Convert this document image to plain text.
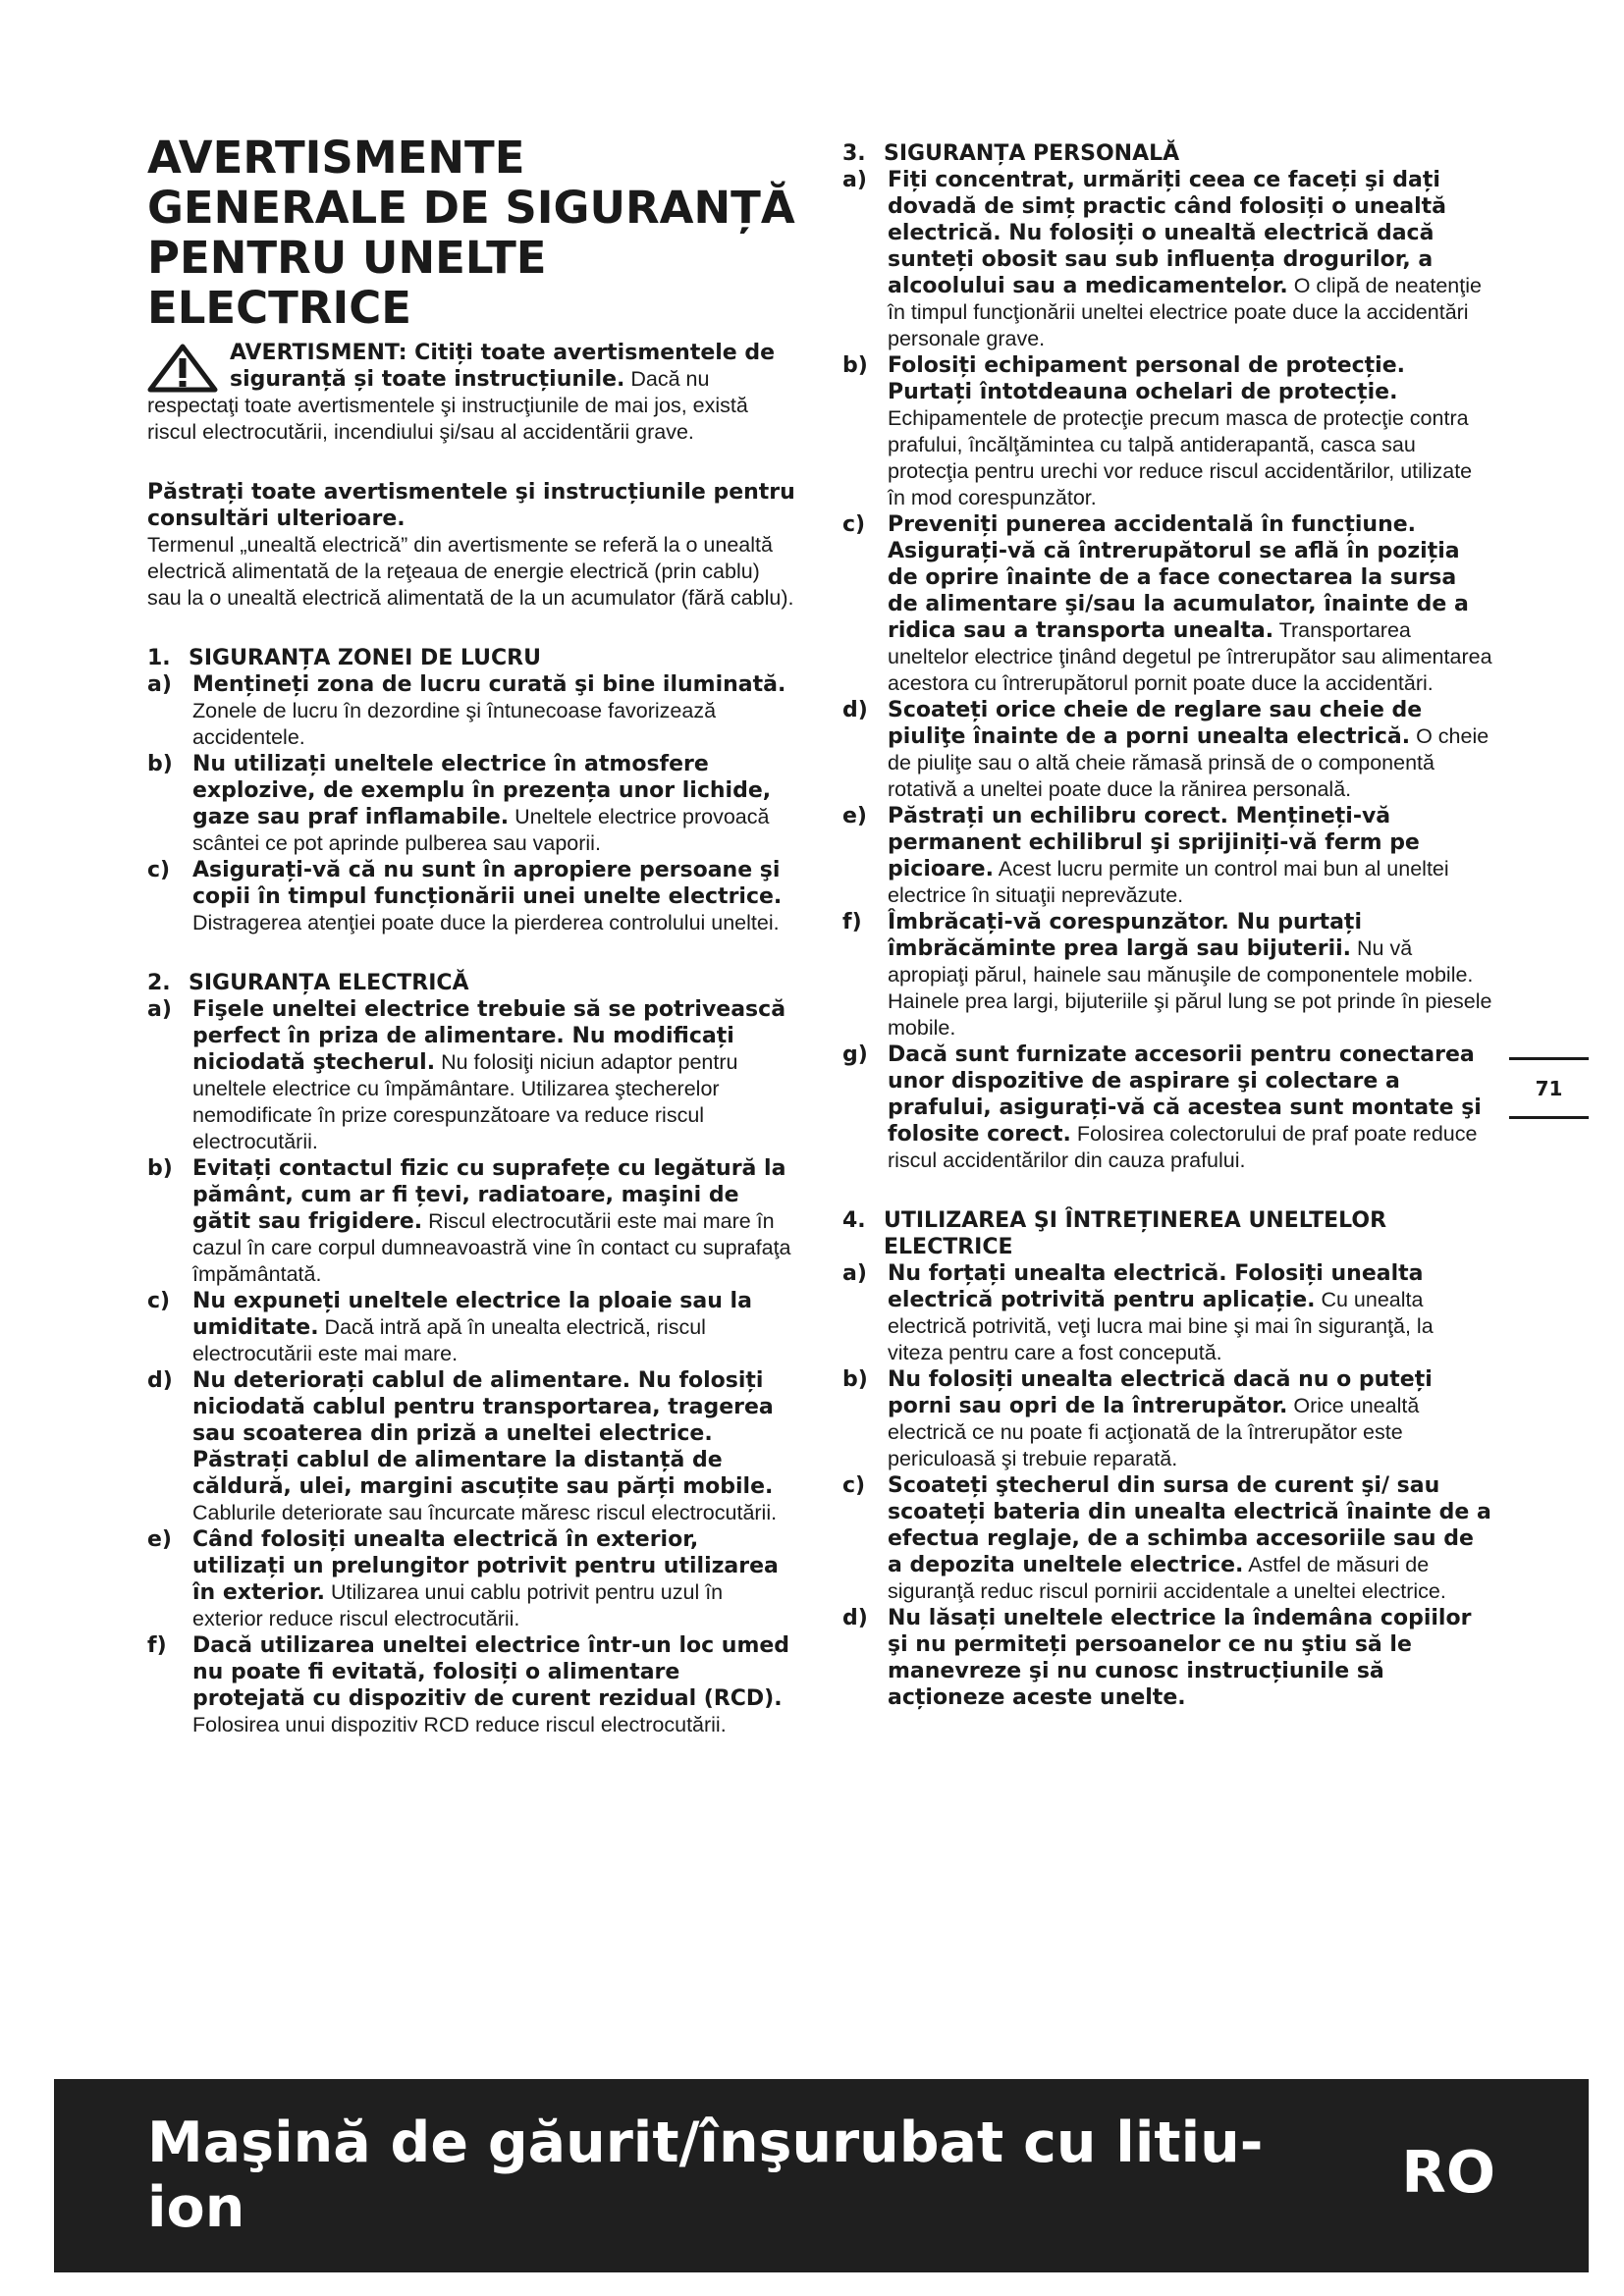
AVERTISMENTE GENERALE DE SIGURANȚĂ PENTRU UNELTE ELECTRICE

AVERTISMENT: Citiți toate avertismentele de siguranță și toate instrucțiunile. Dacă nu respectaţi toate avertismentele şi instrucţiunile de mai jos, există riscul electrocutării, incendiului şi/sau al accidentării grave.

Păstrați toate avertismentele şi instrucțiunile pentru consultări ulterioare.

Termenul „unealtă electrică” din avertismente se referă la o unealtă electrică alimentată de la reţeaua de energie electrică (prin cablu) sau la o unealtă electrică alimentată de la un acumulator (fără cablu).

1. SIGURANȚA ZONEI DE LUCRU
a) Mențineți zona de lucru curată şi bine iluminată. Zonele de lucru în dezordine şi întunecoase favorizează accidentele.
b) Nu utilizați uneltele electrice în atmosfere explozive, de exemplu în prezența unor lichide, gaze sau praf inflamabile. Uneltele electrice provoacă scântei ce pot aprinde pulberea sau vaporii.
c)	Asigurați-vă că nu sunt în apropiere persoane şi copii în timpul funcționării unei unelte electrice. Distragerea atenţiei poate duce la pierderea controlului uneltei.
2. SIGURANȚA ELECTRICĂ
a) Fişele uneltei electrice trebuie să se potrivească perfect în priza de alimentare. Nu modificați niciodată ştecherul. Nu folosiţi niciun adaptor pentru uneltele electrice cu împământare. Utilizarea ştecherelor nemodificate în prize corespunzătoare va reduce riscul electrocutării.
b) Evitați contactul fizic cu suprafețe cu legătură la pământ, cum ar fi țevi, radiatoare, maşini de gătit sau frigidere. Riscul electrocutării este mai mare în cazul în care corpul dumneavoastră vine în contact cu suprafaţa împământată.
c)	Nu expuneți uneltele electrice la ploaie sau la umiditate. Dacă intră apă în unealta electrică, riscul electrocutării este mai mare.
d) Nu deteriorați cablul de alimentare. Nu folosiți niciodată cablul pentru transportarea, tragerea sau scoaterea din priză a uneltei electrice. Păstrați cablul de alimentare la distanță de căldură, ulei, margini ascuțite sau părți mobile. Cablurile deteriorate sau încurcate măresc riscul electrocutării.
e) Când folosiți unealta electrică în exterior, utilizați un prelungitor potrivit pentru utilizarea în exterior. Utilizarea unui cablu potrivit pentru uzul în exterior reduce riscul electrocutării.
f)	Dacă utilizarea uneltei electrice într-un loc umed nu poate fi evitată, folosiți o alimentare protejată cu dispozitiv de curent rezidual (RCD). Folosirea unui dispozitiv RCD reduce riscul electrocutării.
3. SIGURANȚA PERSONALĂ
a) Fiți concentrat, urmăriți ceea ce faceți şi dați dovadă de simț practic când folosiți o unealtă electrică. Nu folosiți o unealtă electrică dacă sunteți obosit sau sub influența drogurilor, a alcoolului sau a medicamentelor. O clipă de neatenţie în timpul funcţionării uneltei electrice poate duce la accidentări personale grave.
b) Folosiți echipament personal de protecție. Purtați întotdeauna ochelari de protecție. Echipamentele de protecţie precum masca de protecţie contra prafului, încălţămintea cu talpă antiderapantă, casca sau protecţia pentru urechi vor reduce riscul accidentărilor, utilizate în mod corespunzător.
c)	Preveniți punerea accidentală în funcțiune. Asigurați-vă că întrerupătorul se află în poziția de oprire înainte de a face conectarea la sursa de alimentare şi/sau la acumulator, înainte de a ridica sau a transporta unealta. Transportarea uneltelor electrice ţinând degetul pe întrerupător sau alimentarea acestora cu întrerupătorul pornit poate duce la accidentări.
d) Scoateți orice cheie de reglare sau cheie de piuliţe înainte de a porni unealta electrică. O cheie de piuliţe sau o altă cheie rămasă prinsă de o componentă rotativă a uneltei poate duce la rănirea personală.
e) Păstrați un echilibru corect. Mențineți-vă permanent echilibrul şi sprijiniți-vă ferm pe picioare. Acest lucru permite un control mai bun al uneltei electrice în situaţii neprevăzute.
f)	Îmbrăcați-vă corespunzător. Nu purtați îmbrăcăminte prea largă sau bijuterii. Nu vă apropiaţi părul, hainele sau mănuşile de componentele mobile. Hainele prea largi, bijuteriile şi părul lung se pot prinde în piesele mobile.
g) Dacă sunt furnizate accesorii pentru conectarea unor dispozitive de aspirare şi colectare a prafului, asigurați-vă că acestea sunt montate şi folosite corect. Folosirea colectorului de praf poate reduce riscul accidentărilor din cauza prafului.
4. UTILIZAREA ŞI ÎNTREȚINEREA UNELTELOR ELECTRICE
a) Nu forțați unealta electrică. Folosiți unealta electrică potrivită pentru aplicație. Cu unealta electrică potrivită, veţi lucra mai bine şi mai în siguranţă, la viteza pentru care a fost concepută.
b) Nu folosiți unealta electrică dacă nu o puteți porni sau opri de la întrerupător. Orice unealtă electrică ce nu poate fi acţionată de la întrerupător este periculoasă şi trebuie reparată.
c)	Scoateți ştecherul din sursa de curent şi/ sau scoateți bateria din unealta electrică înainte de a efectua reglaje, de a schimba accesoriile sau de a depozita uneltele electrice. Astfel de măsuri de siguranţă reduc riscul pornirii accidentale a uneltei electrice.
d) Nu lăsați uneltele electrice la îndemâna copiilor şi nu permiteți persoanelor ce nu ştiu să le manevreze şi nu cunosc instrucțiunile să acționeze aceste unelte.
71
Maşină de găurit/înşurubat cu litiu-ion
RO
